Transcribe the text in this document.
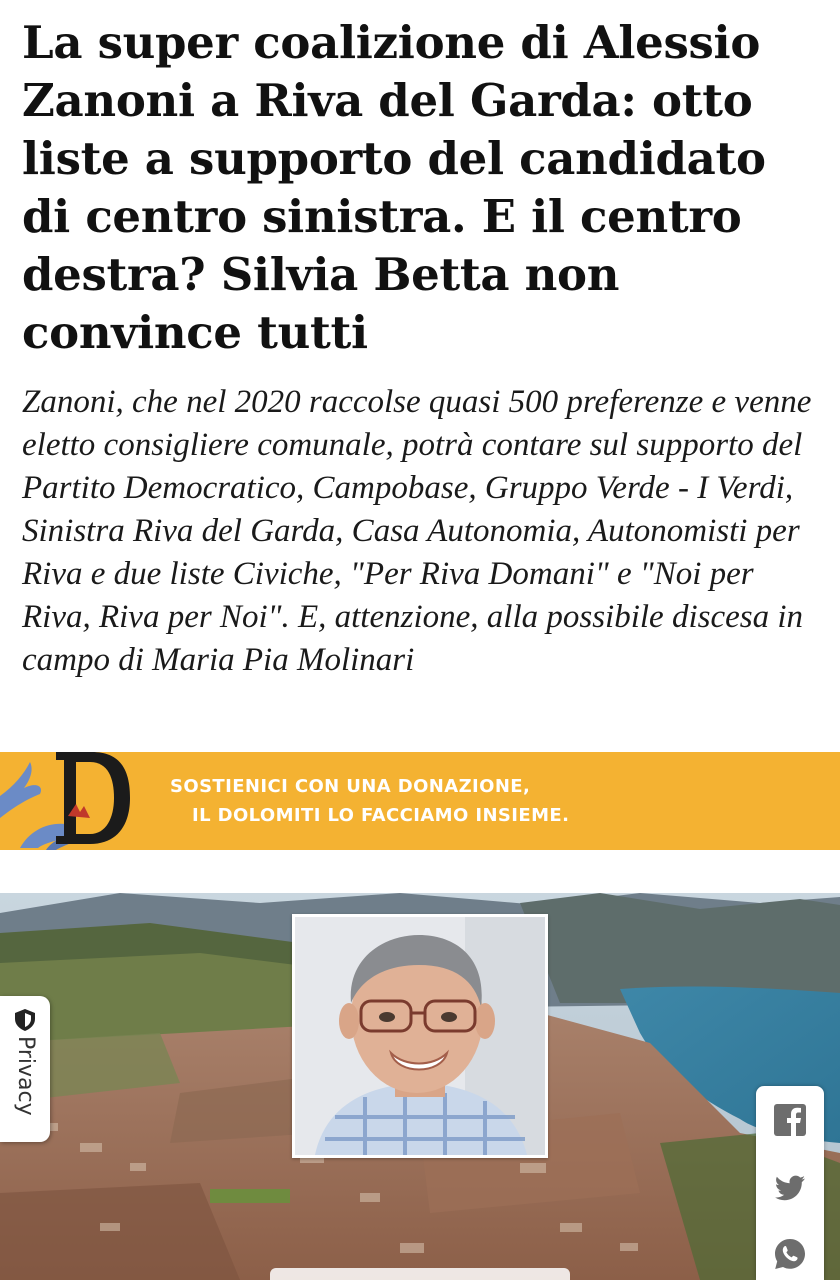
La super coalizione di Alessio Zanoni a Riva del Garda: otto liste a supporto del candidato di centro sinistra. E il centro destra? Silvia Betta non convince tutti

Zanoni, che nel 2020 raccolse quasi 500 preferenze e venne eletto consigliere comunale, potrà contare sul supporto del Partito Democratico, Campobase, Gruppo Verde - I Verdi, Sinistra Riva del Garda, Casa Autonomia, Autonomisti per Riva e due liste Civiche, "Per Riva Domani" e "Noi per Riva, Riva per Noi". E, attenzione, alla possibile discesa in campo di Maria Pia Molinari

SOSTIENICI CON UNA DONAZIONE,
IL DOLOMITI LO FACCIAMO INSIEME.
Privacy
